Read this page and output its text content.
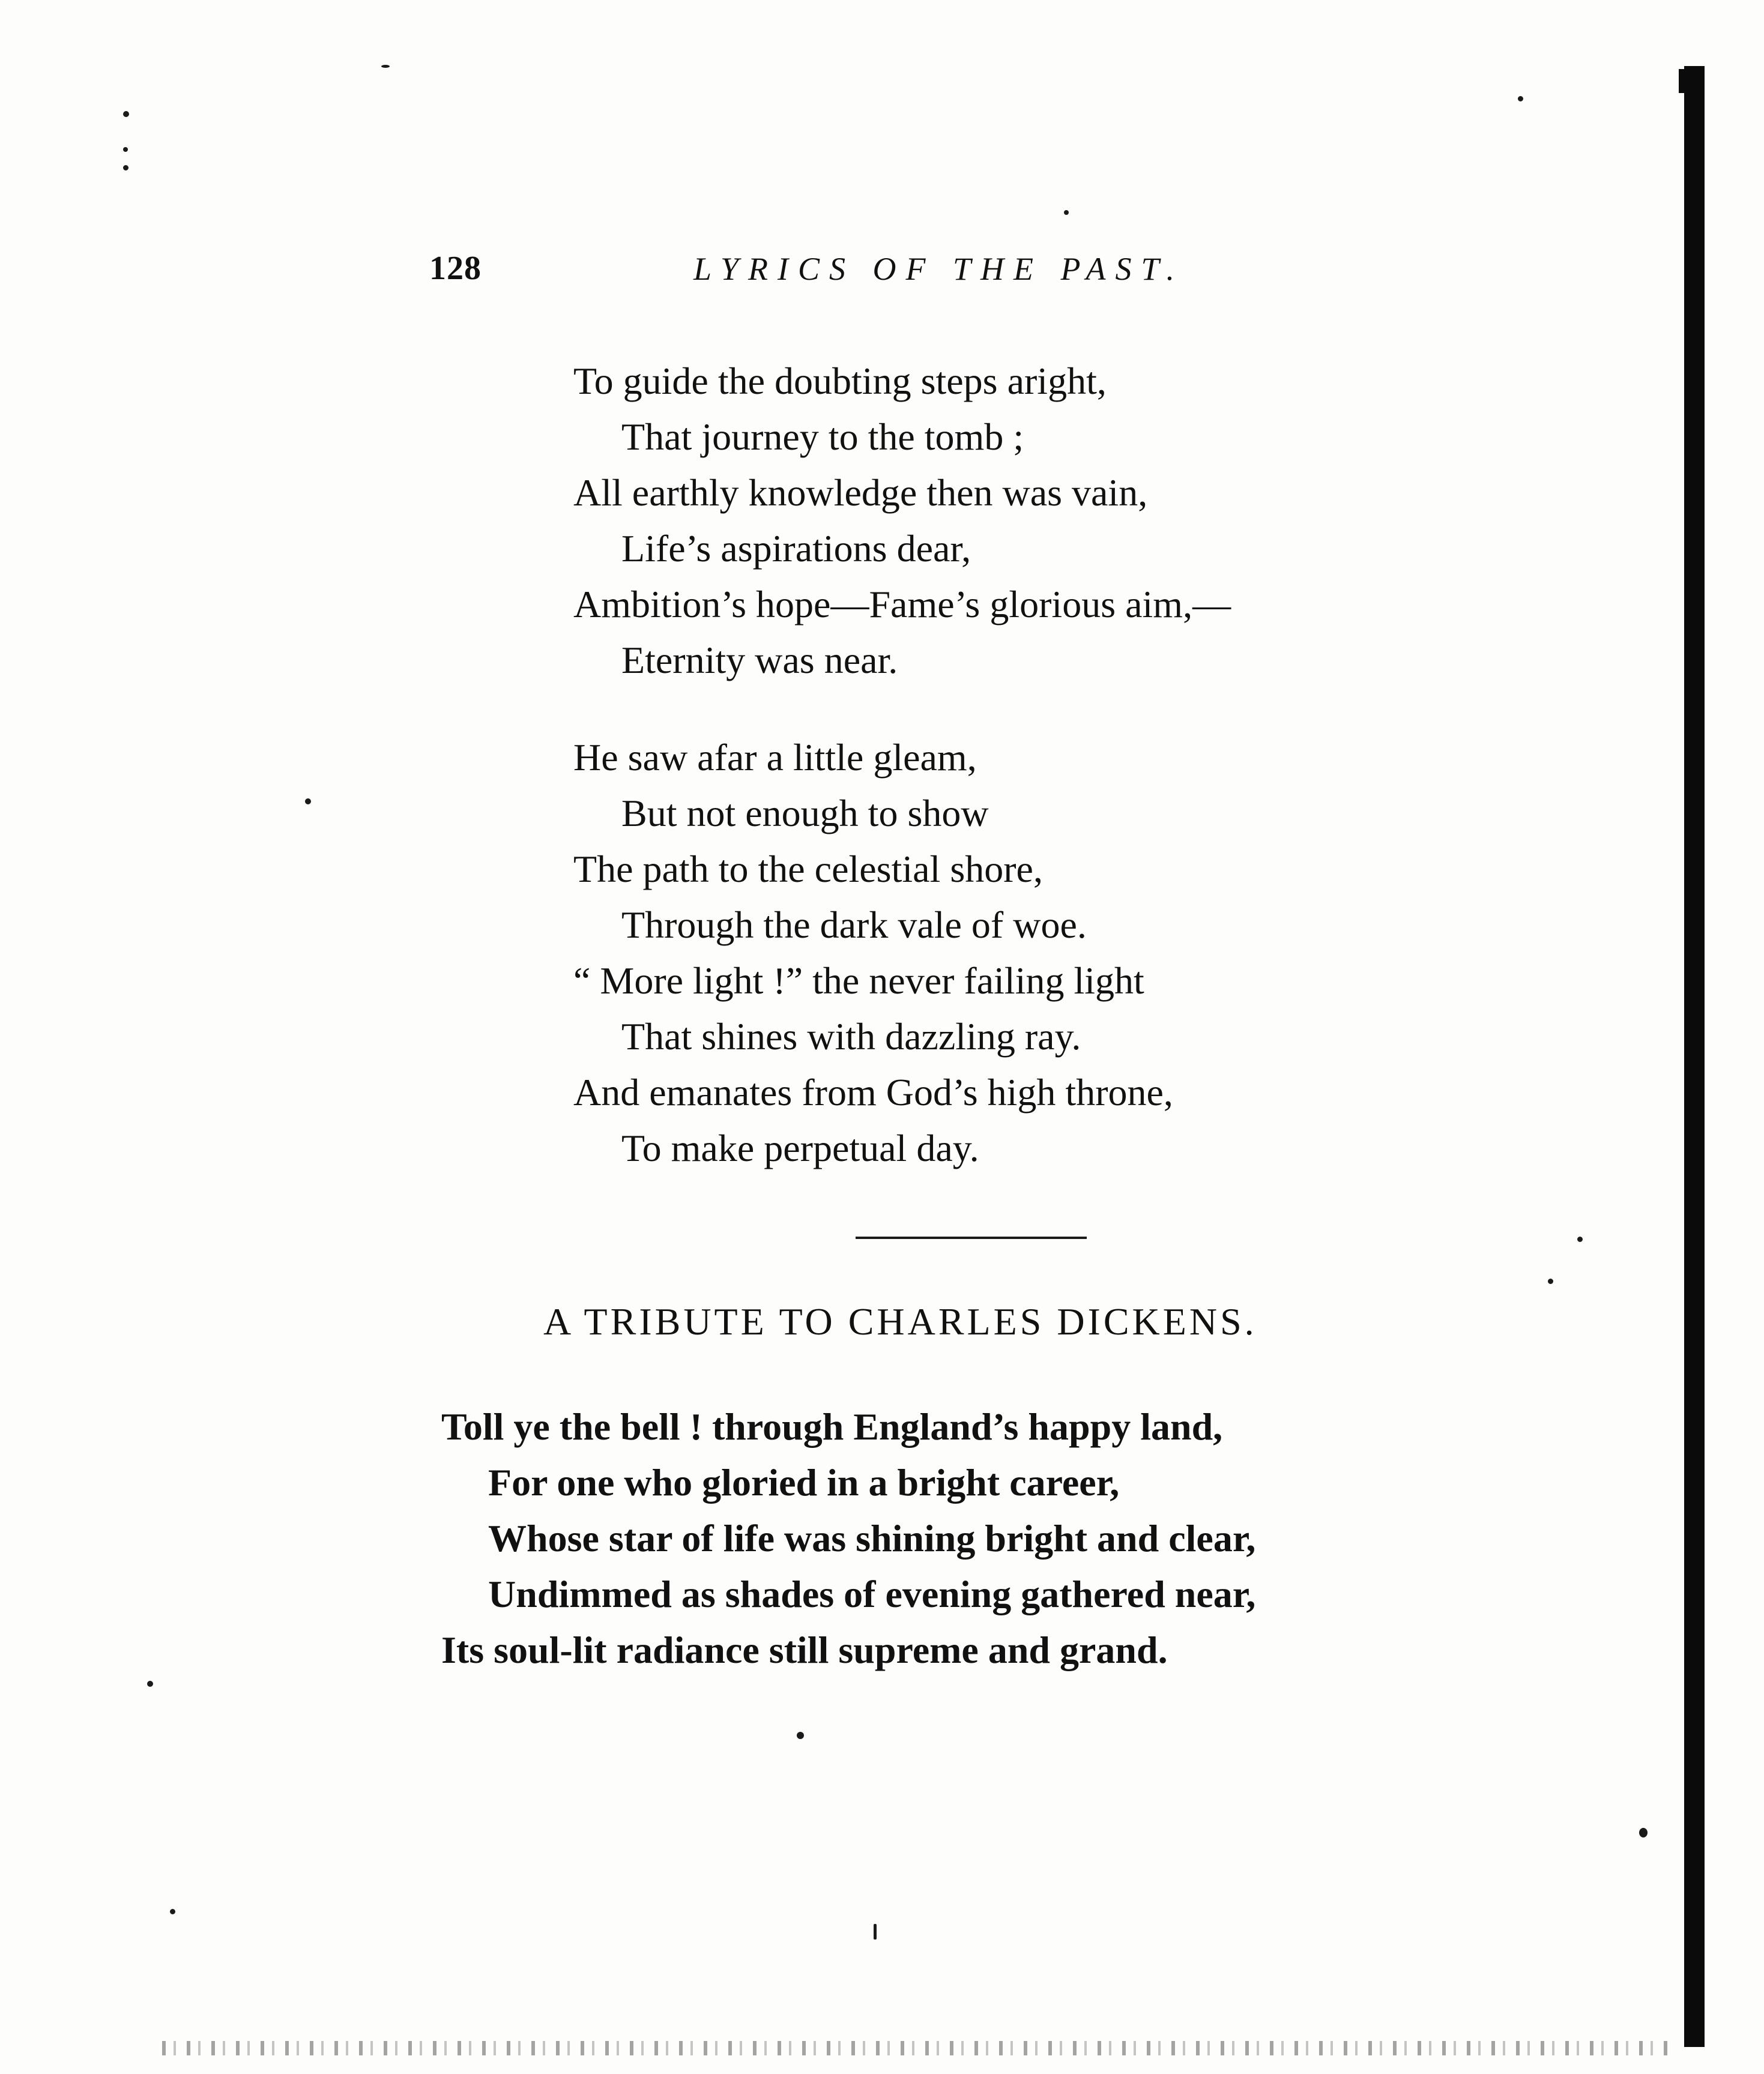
128	LYRICS OF THE PAST.
To guide the doubting steps aright,
That journey to the tomb ;
All earthly knowledge then was vain,
Life’s aspirations dear,
Ambition’s hope—Fame’s glorious aim,—
Eternity was near.
He saw afar a little gleam,
But not enough to show
The path to the celestial shore,
Through the dark vale of woe.
“ More light !” the never failing light
That shines with dazzling ray.
And emanates from God’s high throne,
To make perpetual day.
A TRIBUTE TO CHARLES DICKENS.
Toll ye the bell ! through England’s happy land,
For one who gloried in a bright career,
Whose star of life was shining bright and clear,
Undimmed as shades of evening gathered near,
Its soul-lit radiance still supreme and grand.
